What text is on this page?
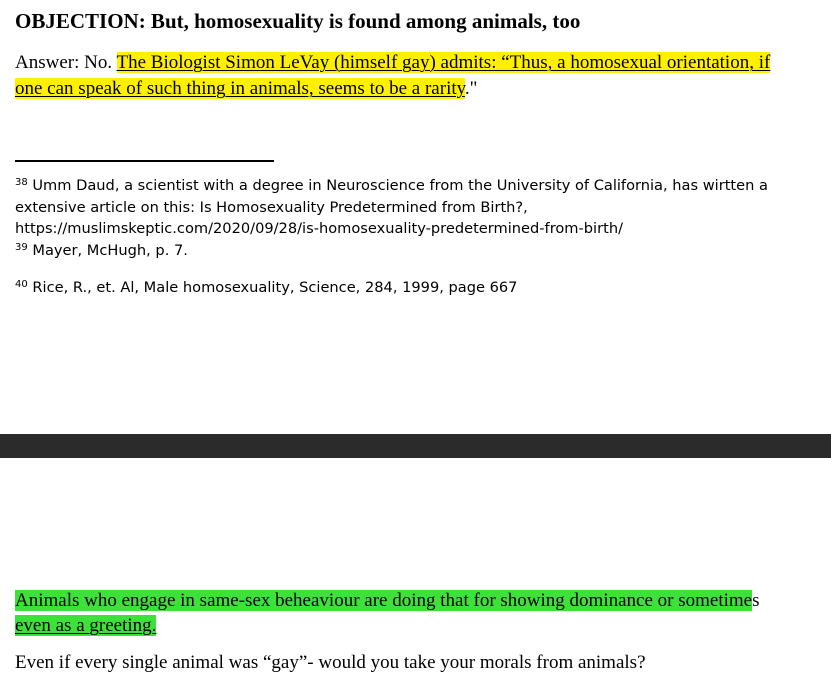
OBJECTION: But, homosexuality is found among animals, too

Answer: No. The Biologist Simon LeVay (himself gay) admits: “Thus, a homosexual orientation, if
one can speak of such thing in animals, seems to be a rarity."

$^{38}$ Umm Daud, a scientist with a degree in Neuroscience from the University of California, has wirtten a
extensive article on this: Is Homosexuality Predetermined from Birth?,
https://muslimskeptic.com/2020/09/28/is-homosexuality-predetermined-from-birth/

$^{39}$ Mayer, McHugh, p. 7.

$^{40}$ Rice, R., et. Al, Male homosexuality, Science, 284, 1999, page 667

Animals who engage in same-sex beheaviour are doing that for showing dominance or sometimes
even as a greeting.

Even if every single animal was “gay”- would you take your morals from animals?
